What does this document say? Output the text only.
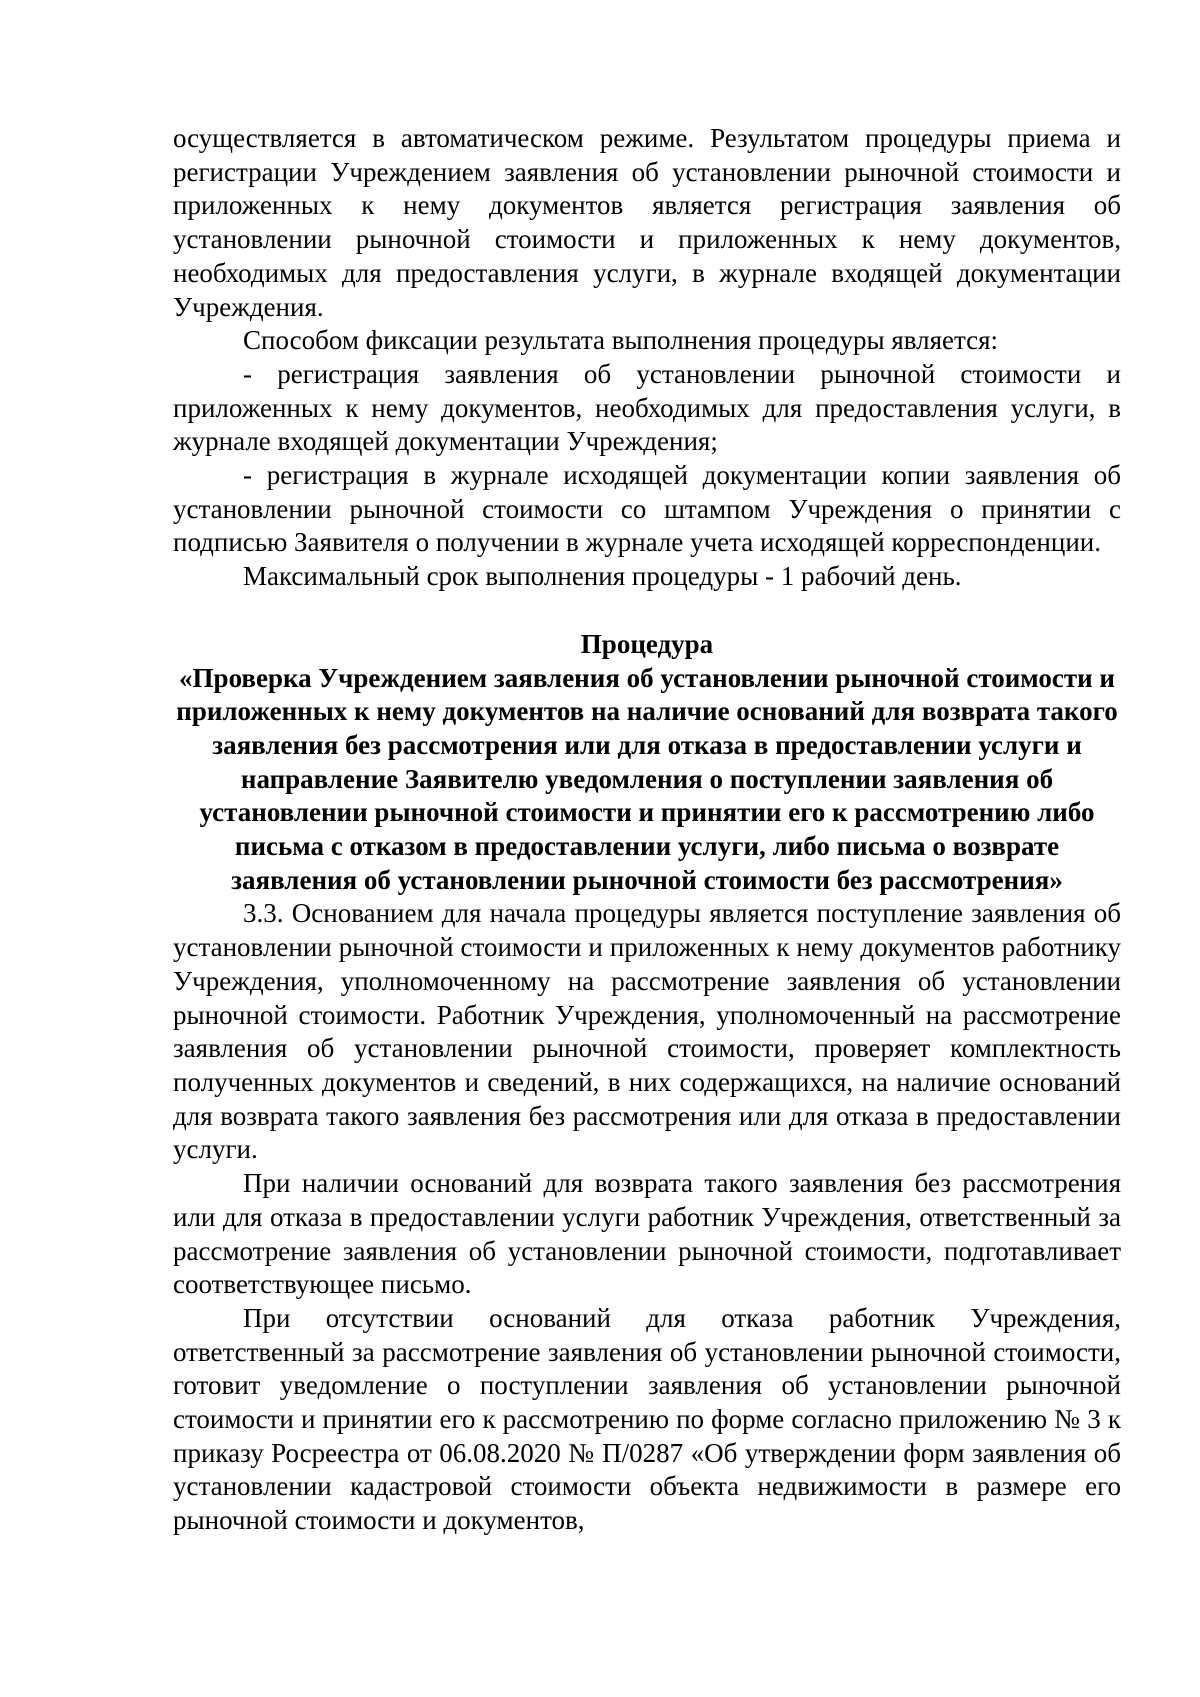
осуществляется в автоматическом режиме. Результатом процедуры приема и регистрации Учреждением заявления об установлении рыночной стоимости и приложенных к нему документов является регистрация заявления об установлении рыночной стоимости и приложенных к нему документов, необходимых для предоставления услуги, в журнале входящей документации Учреждения.

Способом фиксации результата выполнения процедуры является:

- регистрация заявления об установлении рыночной стоимости и приложенных к нему документов, необходимых для предоставления услуги, в журнале входящей документации Учреждения;

- регистрация в журнале исходящей документации копии заявления об установлении рыночной стоимости со штампом Учреждения о принятии с подписью Заявителя о получении в журнале учета исходящей корреспонденции.

Максимальный срок выполнения процедуры - 1 рабочий день.

Процедура
«Проверка Учреждением заявления об установлении рыночной стоимости и приложенных к нему документов на наличие оснований для возврата такого заявления без рассмотрения или для отказа в предоставлении услуги и направление Заявителю уведомления о поступлении заявления об установлении рыночной стоимости и принятии его к рассмотрению либо письма с отказом в предоставлении услуги, либо письма о возврате заявления об установлении рыночной стоимости без рассмотрения»

3.3. Основанием для начала процедуры является поступление заявления об установлении рыночной стоимости и приложенных к нему документов работнику Учреждения, уполномоченному на рассмотрение заявления об установлении рыночной стоимости. Работник Учреждения, уполномоченный на рассмотрение заявления об установлении рыночной стоимости, проверяет комплектность полученных документов и сведений, в них содержащихся, на наличие оснований для возврата такого заявления без рассмотрения или для отказа в предоставлении услуги.

При наличии оснований для возврата такого заявления без рассмотрения или для отказа в предоставлении услуги работник Учреждения, ответственный за рассмотрение заявления об установлении рыночной стоимости, подготавливает соответствующее письмо.

При отсутствии оснований для отказа работник Учреждения, ответственный за рассмотрение заявления об установлении рыночной стоимости, готовит уведомление о поступлении заявления об установлении рыночной стоимости и принятии его к рассмотрению по форме согласно приложению № 3 к приказу Росреестра от 06.08.2020 № П/0287 «Об утверждении форм заявления об установлении кадастровой стоимости объекта недвижимости в размере его рыночной стоимости и документов,
